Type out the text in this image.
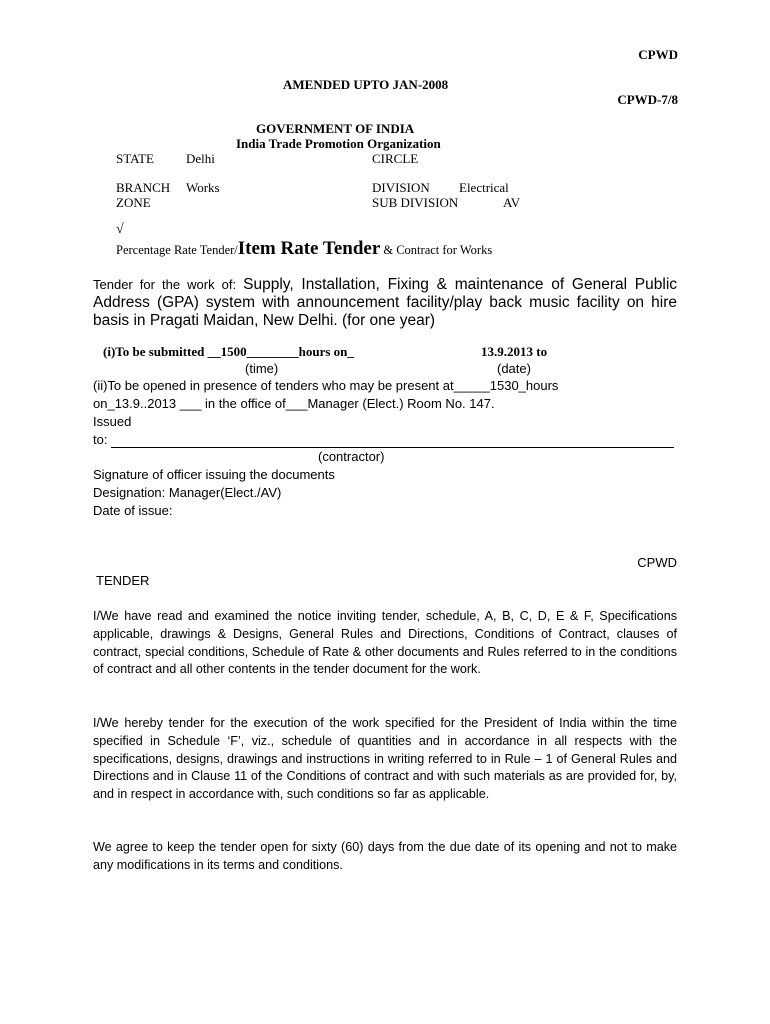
CPWD
AMENDED UPTO JAN-2008
CPWD-7/8
GOVERNMENT OF INDIA
India Trade Promotion Organization
STATE Delhi	CIRCLE
BRANCH Works	DIVISION Electrical
ZONE	SUB DIVISION	AV
√
Percentage Rate Tender/Item Rate Tender & Contract for Works
Tender for the work of: Supply, Installation, Fixing & maintenance of General Public Address (GPA) system with announcement facility/play back music facility on hire basis in Pragati Maidan, New Delhi. (for one year)
(i)To be submitted __1500________hours on_	13.9.2013 to
(time)	(date)
(ii)To be opened in presence of tenders who may be present at_____1530_hours
on_13.9..2013 ___ in the office of___Manager (Elect.) Room No. 147.
Issued
to:
(contractor)
Signature of officer issuing the documents
Designation: Manager(Elect./AV)
Date of issue:
CPWD
TENDER
I/We have read and examined the notice inviting tender, schedule, A, B, C, D, E & F, Specifications applicable, drawings & Designs, General Rules and Directions, Conditions of Contract, clauses of contract, special conditions, Schedule of Rate & other documents and Rules referred to in the conditions of contract and all other contents in the tender document for the work.
I/We hereby tender for the execution of the work specified for the President of India within the time specified in Schedule ‘F’, viz., schedule of quantities and in accordance in all respects with the specifications, designs, drawings and instructions in writing referred to in Rule – 1 of General Rules and Directions and in Clause 11 of the Conditions of contract and with such materials as are provided for, by, and in respect in accordance with, such conditions so far as applicable.
We agree to keep the tender open for sixty (60) days from the due date of its opening and not to make any modifications in its terms and conditions.
